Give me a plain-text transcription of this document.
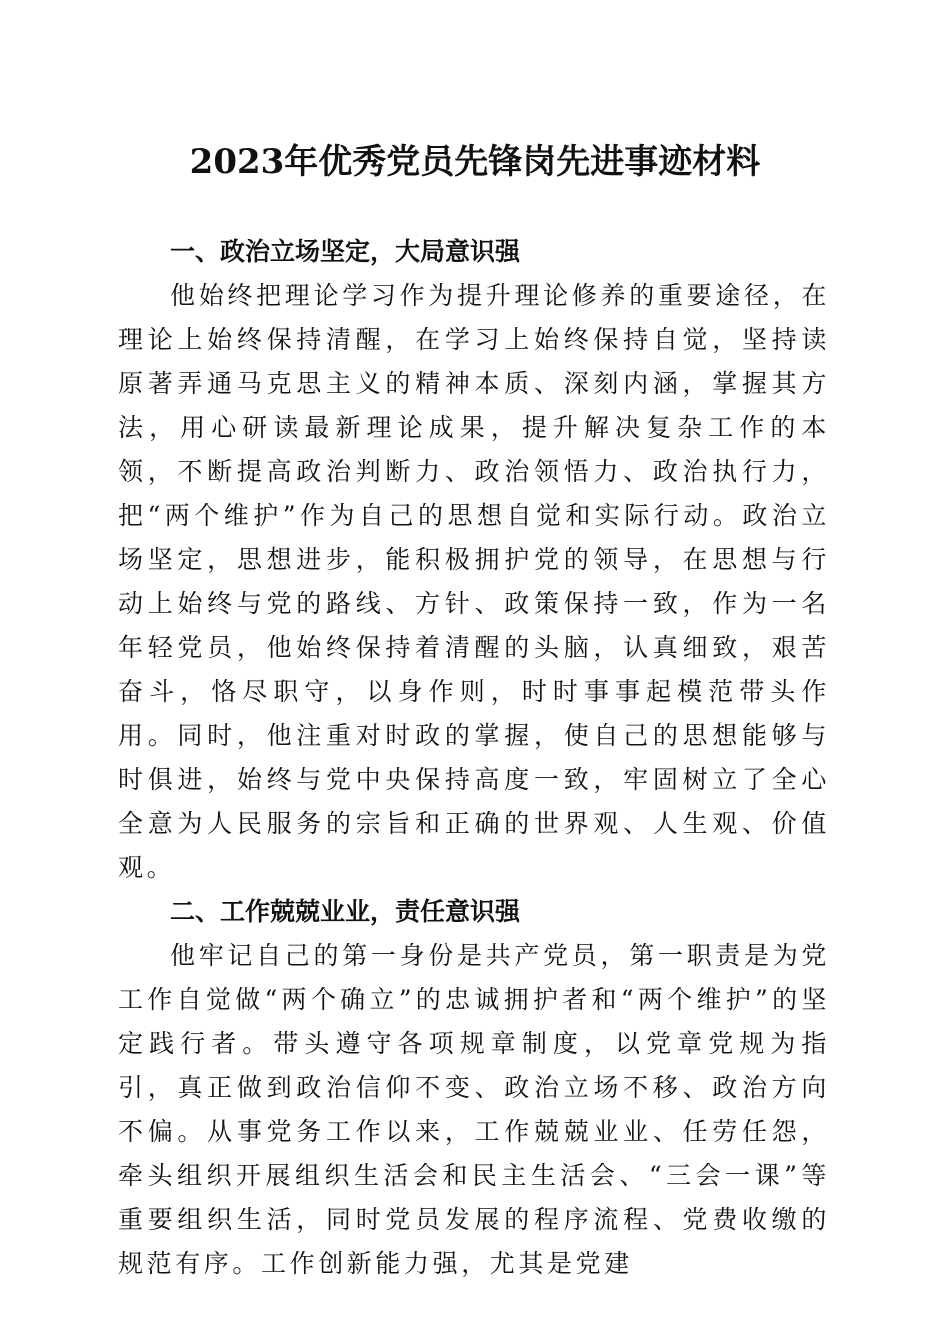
2023年优秀党员先锋岗先进事迹材料

一、政治立场坚定，大局意识强

他始终把理论学习作为提升理论修养的重要途径，在理论上始终保持清醒，在学习上始终保持自觉，坚持读原著弄通马克思主义的精神本质、深刻内涵，掌握其方法，用心研读最新理论成果，提升解决复杂工作的本领，不断提高政治判断力、政治领悟力、政治执行力，把“两个维护”作为自己的思想自觉和实际行动。政治立场坚定，思想进步，能积极拥护党的领导，在思想与行动上始终与党的路线、方针、政策保持一致，作为一名年轻党员，他始终保持着清醒的头脑，认真细致，艰苦奋斗，恪尽职守，以身作则，时时事事起模范带头作用。同时，他注重对时政的掌握，使自己的思想能够与时俱进，始终与党中央保持高度一致，牢固树立了全心全意为人民服务的宗旨和正确的世界观、人生观、价值观。

二、工作兢兢业业，责任意识强

他牢记自己的第一身份是共产党员，第一职责是为党工作自觉做“两个确立”的忠诚拥护者和“两个维护”的坚定践行者。带头遵守各项规章制度，以党章党规为指引，真正做到政治信仰不变、政治立场不移、政治方向不偏。从事党务工作以来，工作兢兢业业、任劳任怨，牵头组织开展组织生活会和民主生活会、“三会一课”等重要组织生活，同时党员发展的程序流程、党费收缴的规范有序。工作创新能力强，尤其是党建
